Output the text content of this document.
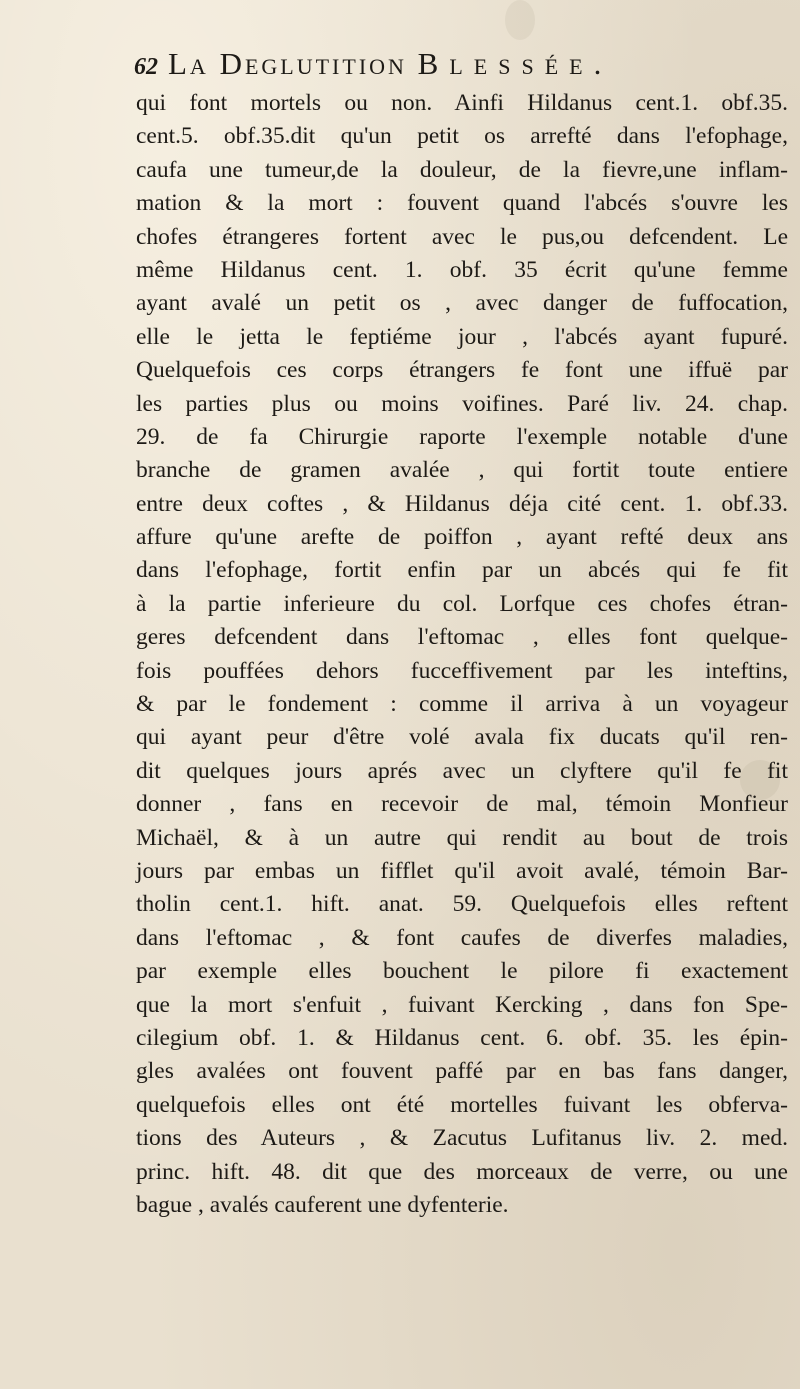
62 La Deglutition Blessée.
qui font mortels ou non. Ainfi Hildanus cent.1. obf.35.
cent.5. obf.35.dit qu'un petit os arrefté dans l'efophage,
caufa une tumeur,de la douleur, de la fievre,une inflam-
mation & la mort : fouvent quand l'abcés s'ouvre les
chofes étrangeres fortent avec le pus,ou defcendent. Le
même Hildanus cent. 1. obf. 35 écrit qu'une femme
ayant avalé un petit os , avec danger de fuffocation,
elle le jetta le feptiéme jour , l'abcés ayant fupuré.
Quelquefois ces corps étrangers fe font une iffuë par
les parties plus ou moins voifines. Paré liv. 24. chap.
29. de fa Chirurgie raporte l'exemple notable d'une
branche de gramen avalée , qui fortit toute entiere
entre deux coftes , & Hildanus déja cité cent. 1. obf.33.
affure qu'une arefte de poiffon , ayant refté deux ans
dans l'efophage, fortit enfin par un abcés qui fe fit
à la partie inferieure du col. Lorfque ces chofes étran-
geres defcendent dans l'eftomac , elles font quelque-
fois pouffées dehors fucceffivement par les inteftins,
& par le fondement : comme il arriva à un voyageur
qui ayant peur d'être volé avala fix ducats qu'il ren-
dit quelques jours aprés avec un clyftere qu'il fe fit
donner , fans en recevoir de mal, témoin Monfieur
Michaël, & à un autre qui rendit au bout de trois
jours par embas un fifflet qu'il avoit avalé, témoin Bar-
tholin cent.1. hift. anat. 59. Quelquefois elles reftent
dans l'eftomac , & font caufes de diverfes maladies,
par exemple elles bouchent le pilore fi exactement
que la mort s'enfuit , fuivant Kercking , dans fon Spe-
cilegium obf. 1. & Hildanus cent. 6. obf. 35. les épin-
gles avalées ont fouvent paffé par en bas fans danger,
quelquefois elles ont été mortelles fuivant les obferva-
tions des Auteurs , & Zacutus Lufitanus liv. 2. med.
princ. hift. 48. dit que des morceaux de verre, ou une
bague , avalés cauferent une dyfenterie.
